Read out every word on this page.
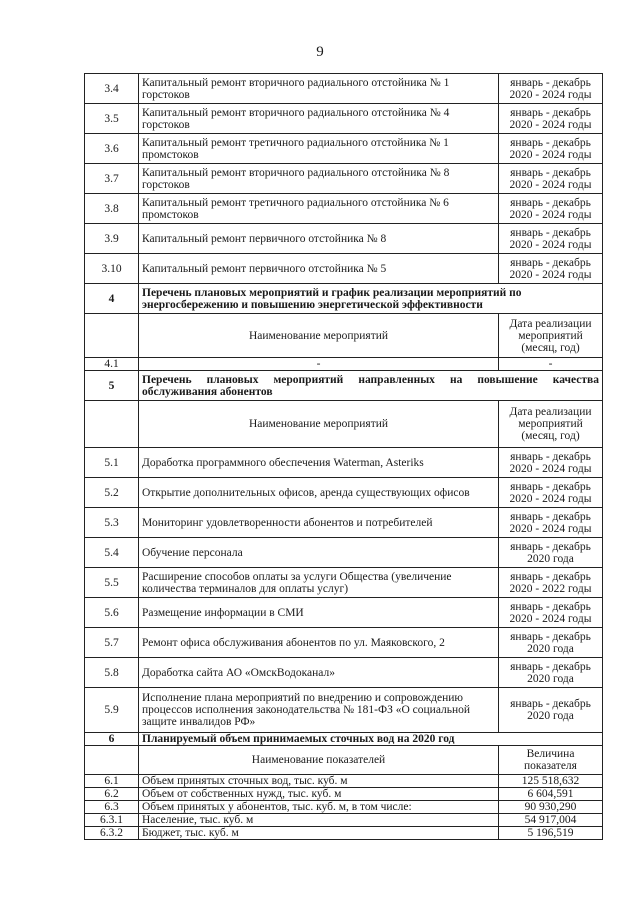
9
3.4	Капитальный ремонт вторичного радиального отстойника № 1 горстоков	январь - декабрь 2020 - 2024 годы
3.5	Капитальный ремонт вторичного радиального отстойника № 4 горстоков	январь - декабрь 2020 - 2024 годы
3.6	Капитальный ремонт третичного радиального отстойника № 1 промстоков	январь - декабрь 2020 - 2024 годы
3.7	Капитальный ремонт вторичного радиального отстойника № 8 горстоков	январь - декабрь 2020 - 2024 годы
3.8	Капитальный ремонт третичного радиального отстойника № 6 промстоков	январь - декабрь 2020 - 2024 годы
3.9	Капитальный ремонт первичного отстойника № 8	январь - декабрь 2020 - 2024 годы
3.10	Капитальный ремонт первичного отстойника № 5	январь - декабрь 2020 - 2024 годы
4	Перечень плановых мероприятий и график реализации мероприятий по энергосбережению и повышению энергетической эффективности	
	Наименование мероприятий	Дата реализации мероприятий (месяц, год)
4.1	-	-
5	Перечень плановых мероприятий направленных на повышение качества обслуживания абонентов	
	Наименование мероприятий	Дата реализации мероприятий (месяц, год)
5.1	Доработка программного обеспечения Waterman, Asteriks	январь - декабрь 2020 - 2024 годы
5.2	Открытие дополнительных офисов, аренда существующих офисов	январь - декабрь 2020 - 2024 годы
5.3	Мониторинг удовлетворенности абонентов и потребителей	январь - декабрь 2020 - 2024 годы
5.4	Обучение персонала	январь - декабрь 2020 года
5.5	Расширение способов оплаты за услуги Общества (увеличение количества терминалов для оплаты услуг)	январь - декабрь 2020 - 2022 годы
5.6	Размещение информации в СМИ	январь - декабрь 2020 - 2024 годы
5.7	Ремонт офиса обслуживания абонентов по ул. Маяковского, 2	январь - декабрь 2020 года
5.8	Доработка сайта АО «ОмскВодоканал»	январь - декабрь 2020 года
5.9	Исполнение плана мероприятий по внедрению и сопровождению процессов исполнения законодательства № 181-ФЗ «О социальной защите инвалидов РФ»	январь - декабрь 2020 года
6	Планируемый объем принимаемых сточных вод на 2020 год	
	Наименование показателей	Величина показателя
6.1	Объем принятых сточных вод, тыс. куб. м	125 518,632
6.2	Объем от собственных нужд, тыс. куб. м	6 604,591
6.3	Объем принятых у абонентов, тыс. куб. м, в том числе:	90 930,290
6.3.1	Население, тыс. куб. м	54 917,004
6.3.2	Бюджет, тыс. куб. м	5 196,519
